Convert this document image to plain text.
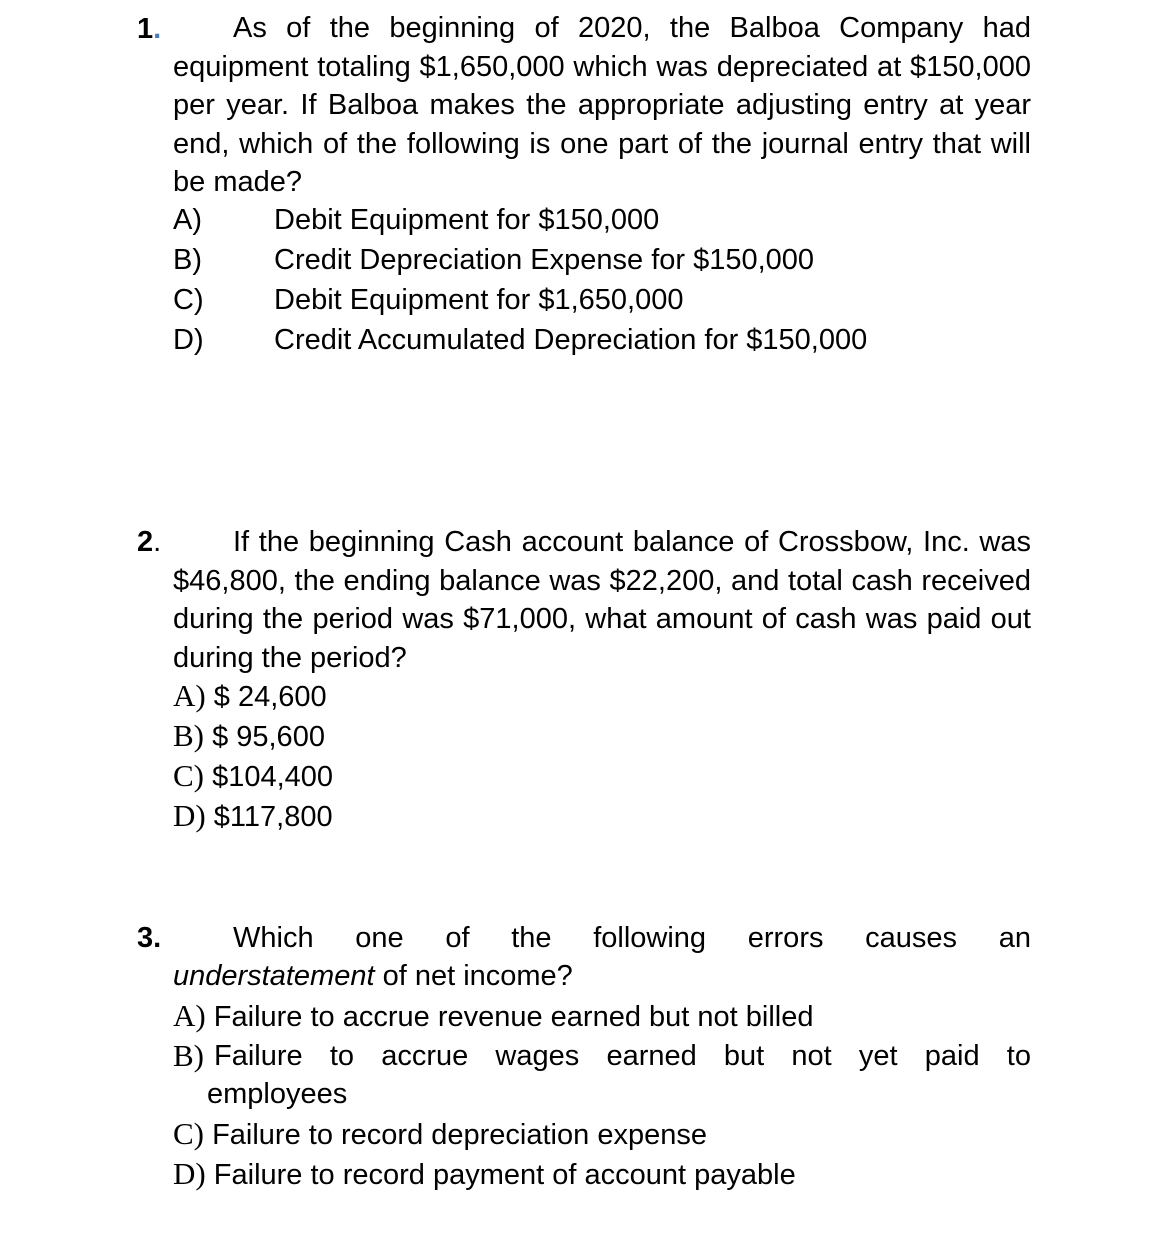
1.	As of the beginning of 2020, the Balboa Company had equipment totaling $1,650,000 which was depreciated at $150,000 per year. If Balboa makes the appropriate adjusting entry at year end, which of the following is one part of the journal entry that will be made?
A) Debit Equipment for $150,000
B) Credit Depreciation Expense for $150,000
C) Debit Equipment for $1,650,000
D) Credit Accumulated Depreciation for $150,000
2.	If the beginning Cash account balance of Crossbow, Inc. was $46,800, the ending balance was $22,200, and total cash received during the period was $71,000, what amount of cash was paid out during the period?
A) $ 24,600
B) $ 95,600
C) $104,400
D) $117,800
3.	Which one of the following errors causes an
understatement of net income?
A) Failure to accrue revenue earned but not billed
B) Failure to accrue wages earned but not yet paid to
employees
C) Failure to record depreciation expense
D) Failure to record payment of account payable
